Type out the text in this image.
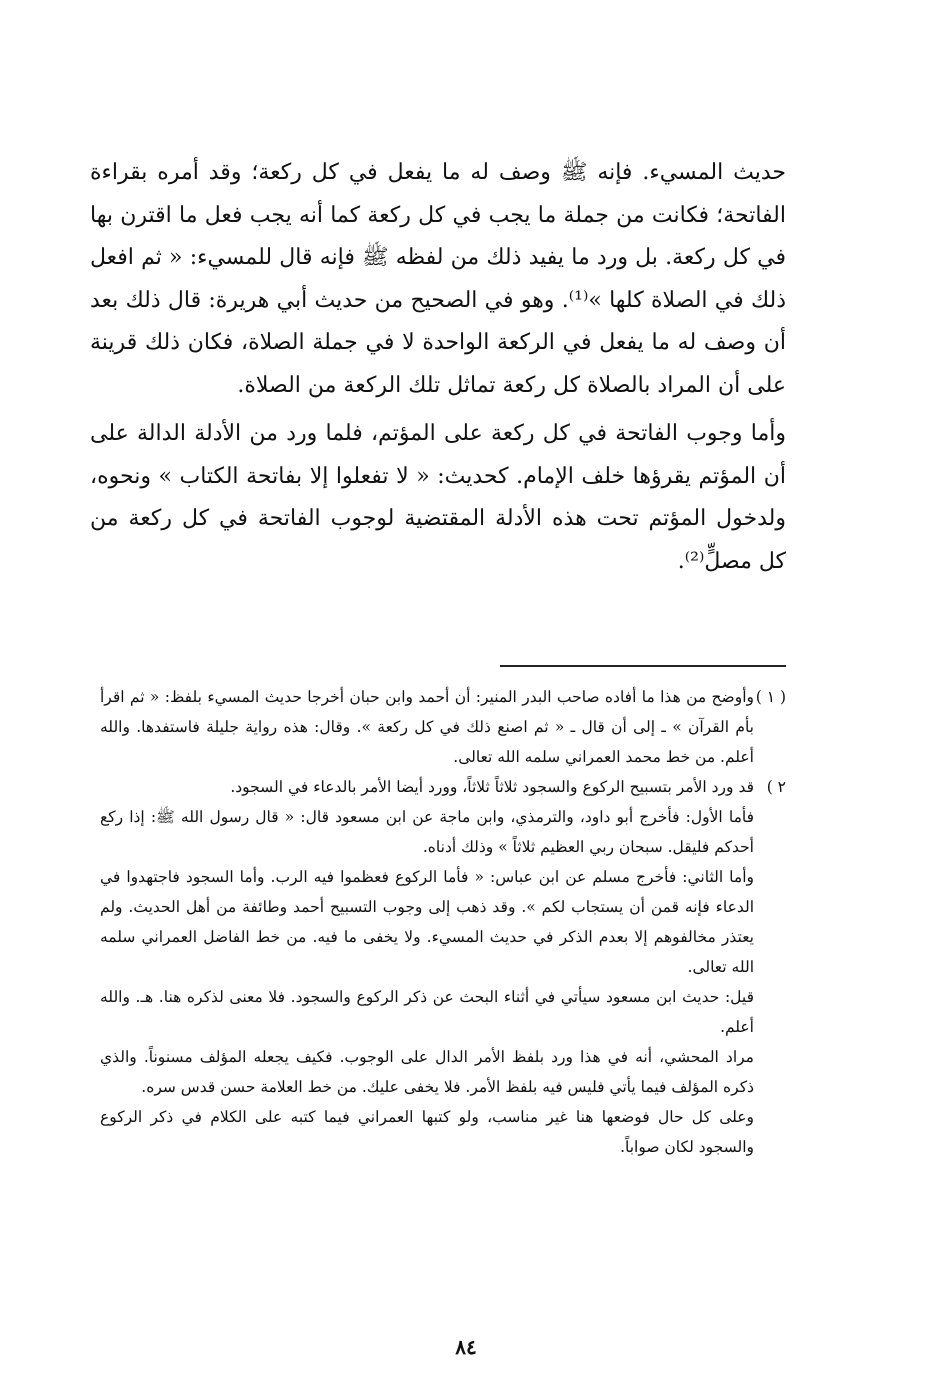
حديث المسيء. فإنه ﷺ وصف له ما يفعل في كل ركعة؛ وقد أمره بقراءة الفاتحة؛ فكانت من جملة ما يجب في كل ركعة كما أنه يجب فعل ما اقترن بها في كل ركعة. بل ورد ما يفيد ذلك من لفظه ﷺ فإنه قال للمسيء: « ثم افعل ذلك في الصلاة كلها »⁽¹⁾. وهو في الصحيح من حديث أبي هريرة: قال ذلك بعد أن وصف له ما يفعل في الركعة الواحدة لا في جملة الصلاة، فكان ذلك قرينة على أن المراد بالصلاة كل ركعة تماثل تلك الركعة من الصلاة.

وأما وجوب الفاتحة في كل ركعة على المؤتم، فلما ورد من الأدلة الدالة على أن المؤتم يقرؤها خلف الإمام. كحديث: « لا تفعلوا إلا بفاتحة الكتاب » ونحوه، ولدخول المؤتم تحت هذه الأدلة المقتضية لوجوب الفاتحة في كل ركعة من كل مصلٍّ⁽²⁾.

( ١ )

وأوضح من هذا ما أفاده صاحب البدر المنير: أن أحمد وابن حبان أخرجا حديث المسيء بلفظ: « ثم اقرأ بأم القرآن » ـ إلى أن قال ـ « ثم اصنع ذلك في كل ركعة ». وقال: هذه رواية جليلة فاستفدها. والله أعلم. من خط محمد العمراني سلمه الله تعالى.

٢ )

قد ورد الأمر بتسبيح الركوع والسجود ثلاثاً ثلاثاً، وورد أيضا الأمر بالدعاء في السجود.

فأما الأول: فأخرج أبو داود، والترمذي، وابن ماجة عن ابن مسعود قال: « قال رسول الله ﷺ: إذا ركع أحدكم فليقل. سبحان ربي العظيم ثلاثاً » وذلك أدناه.

وأما الثاني: فأخرج مسلم عن ابن عباس: « فأما الركوع فعظموا فيه الرب. وأما السجود فاجتهدوا في الدعاء فإنه قمن أن يستجاب لكم ». وقد ذهب إلى وجوب التسبيح أحمد وطائفة من أهل الحديث. ولم يعتذر مخالفوهم إلا بعدم الذكر في حديث المسيء. ولا يخفى ما فيه. من خط الفاضل العمراني سلمه الله تعالى.

قيل: حديث ابن مسعود سيأتي في أثناء البحث عن ذكر الركوع والسجود. فلا معنى لذكره هنا. هـ. والله أعلم.

مراد المحشي، أنه في هذا ورد بلفظ الأمر الدال على الوجوب. فكيف يجعله المؤلف مسنوناً. والذي ذكره المؤلف فيما يأتي فليس فيه بلفظ الأمر. فلا يخفى عليك. من خط العلامة حسن قدس سره.

وعلى كل حال فوضعها هنا غير مناسب، ولو كتبها العمراني فيما كتبه على الكلام في ذكر الركوع والسجود لكان صواباً.

٨٤
